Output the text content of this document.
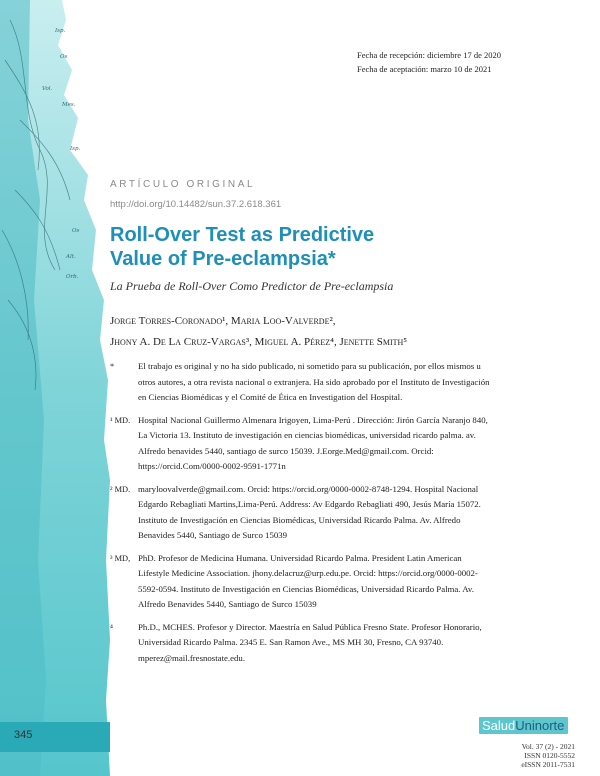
Isp.
Os
Vol.
Mes.
Isp.
Os
Alt.
Orb.
Fecha de recepción: diciembre 17 de 2020
Fecha de aceptación: marzo 10 de 2021
ARTÍCULO ORIGINAL
http://doi.org/10.14482/sun.37.2.618.361
Roll-Over Test as Predictive
Value of Pre-eclampsia*
La Prueba de Roll-Over Como Predictor de Pre-eclampsia
Jorge Torres-Coronado¹, Maria Loo-Valverde²,
Jhony A. De La Cruz-Vargas³, Miguel A. Pérez⁴, Jenette Smith⁵
*	El trabajo es original y no ha sido publicado, ni sometido para su publicación, por ellos mismos u otros autores, a otra revista nacional o extranjera. Ha sido aprobado por el Instituto de Investigación en Ciencias Biomédicas y el Comité de Ética en Investigation del Hospital.
¹ MD. Hospital Nacional Guillermo Almenara Irigoyen, Lima-Perú . Dirección: Jirón García Naranjo 840, La Victoria 13. Instituto de investigación en ciencias biomédicas, universidad ricardo palma. av. Alfredo benavides 5440, santiago de surco 15039. J.Eorge.Med@gmail.com. Orcid: https://orcid.Com/0000-0002-9591-1771n
² MD. maryloovalverde@gmail.com. Orcid: https://orcid.org/0000-0002-8748-1294. Hospital Nacional Edgardo Rebagliati Martins,Lima-Perú. Address: Av Edgardo Rebagliati 490, Jesús María 15072. Instituto de Investigación en Ciencias Biomédicas, Universidad Ricardo Palma. Av. Alfredo Benavides 5440, Santiago de Surco 15039
³ MD, PhD. Profesor de Medicina Humana. Universidad Ricardo Palma. President Latin American Lifestyle Medicine Association. jhony.delacruz@urp.edu.pe. Orcid: https://orcid.org/0000-0002-5592-0594. Instituto de Investigación en Ciencias Biomédicas, Universidad Ricardo Palma. Av. Alfredo Benavides 5440, Santiago de Surco 15039
⁴	Ph.D., MCHES. Profesor y Director. Maestría en Salud Pública Fresno State. Profesor Honorario, Universidad Ricardo Palma. 2345 E. San Ramon Ave., MS MH 30, Fresno, CA 93740. mperez@mail.fresnostate.edu.
345
SaludUninorte
Vol. 37 (2) - 2021
ISSN 0120-5552
eISSN 2011-7531
